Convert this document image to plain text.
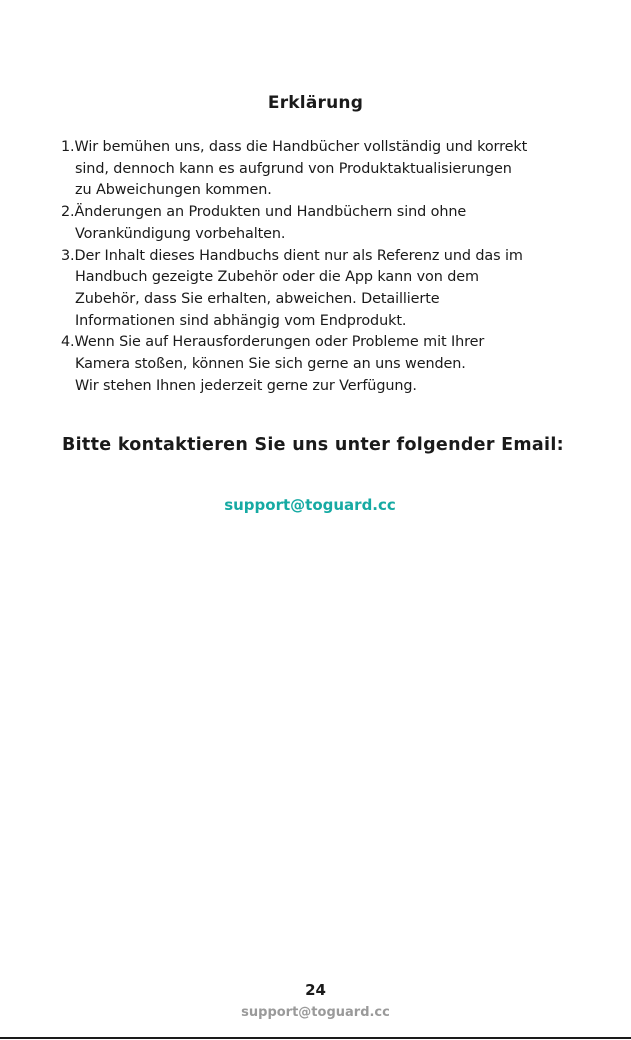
Erklärung
1.Wir bemühen uns, dass die Handbücher vollständig und korrekt
sind, dennoch kann es aufgrund von Produktaktualisierungen
zu Abweichungen kommen.
2.Änderungen an Produkten und Handbüchern sind ohne
Vorankündigung vorbehalten.
3.Der Inhalt dieses Handbuchs dient nur als Referenz und das im
Handbuch gezeigte Zubehör oder die App kann von dem
Zubehör, dass Sie erhalten, abweichen. Detaillierte
Informationen sind abhängig vom Endprodukt.
4.Wenn Sie auf Herausforderungen oder Probleme mit Ihrer
Kamera stoßen, können Sie sich gerne an uns wenden.
Wir stehen Ihnen jederzeit gerne zur Verfügung.
Bitte kontaktieren Sie uns unter folgender Email:
support@toguard.cc
24
support@toguard.cc
